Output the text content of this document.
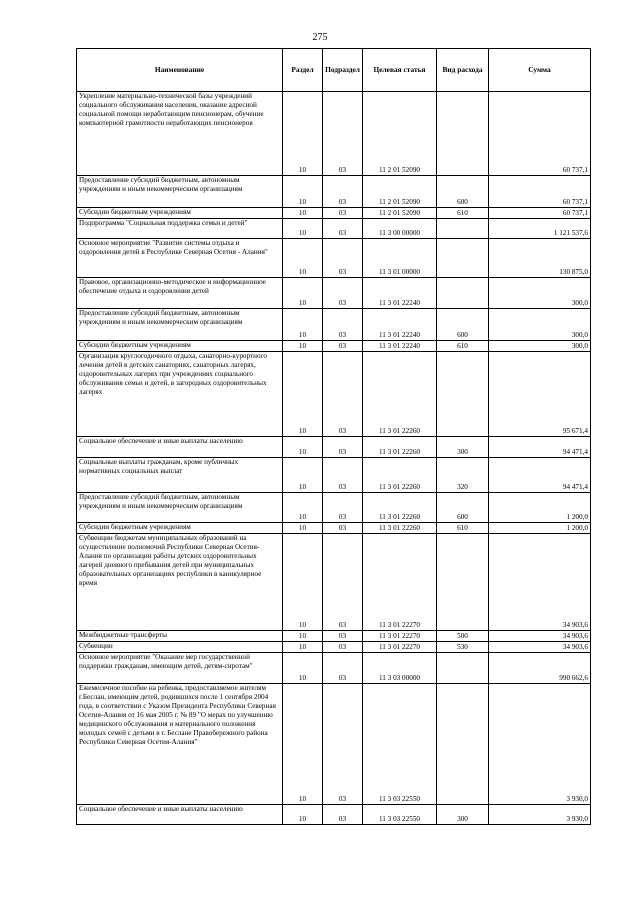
275
Наименование	Раздел	Подраздел	Целевая статья	Вид расхода	Сумма
Укрепление материально-технической базы учреждений социального обслуживания населения, оказание адресной социальной помощи неработающим пенсионерам, обучение компьютерной грамотности неработающих пенсионеров	10	03	11 2 01 52090		60 737,1
Предоставление субсидий бюджетным, автономным учреждениям и иным некоммерческим организациям	10	03	11 2 01 52090	600	60 737,1
Субсидии бюджетным учреждениям	10	03	11 2 01 52090	610	60 737,1
Подпрограмма "Социальная поддержка семьи и детей"	10	03	11 3 00 00000		1 121 537,6
Основное мероприятие "Развитие системы отдыха и оздоровления детей в Республике Северная Осетия - Алания"	10	03	11 3 01 00000		130 875,0
Правовое, организационно-методическое и информационное обеспечение отдыха и оздоровления детей	10	03	11 3 01 22240		300,0
Предоставление субсидий бюджетным, автономным учреждениям и иным некоммерческим организациям	10	03	11 3 01 22240	600	300,0
Субсидии бюджетным учреждениям	10	03	11 3 01 22240	610	300,0
Организация круглогодичного отдыха, санаторно-курортного лечения детей в детских санаториях, санаторных лагерях, оздоровительных лагерях при учреждениях социального обслуживания семьи и детей, в загородных оздоровительных лагерях	10	03	11 3 01 22260		95 671,4
Социальное обеспечение и иные выплаты населению	10	03	11 3 01 22260	300	94 471,4
Социальные выплаты гражданам, кроме публичных нормативных социальных выплат	10	03	11 3 01 22260	320	94 471,4
Предоставление субсидий бюджетным, автономным учреждениям и иным некоммерческим организациям	10	03	11 3 01 22260	600	1 200,0
Субсидии бюджетным учреждениям	10	03	11 3 01 22260	610	1 200,0
Субвенции бюджетам муниципальных образований на осуществление полномочий Республики Северная Осетия-Алания по организации работы детских оздоровительных лагерей дневного пребывания детей при муниципальных образовательных организациях республики в каникулярное время	10	03	11 3 01 22270		34 903,6
Межбюджетные трансферты	10	03	11 3 01 22270	500	34 903,6
Субвенции	10	03	11 3 01 22270	530	34 903,6
Основное мероприятие "Оказание мер государственной поддержки гражданам, имеющим детей, детям-сиротам"	10	03	11 3 03 00000		990 662,6
Ежемесячное пособие на ребенка, предоставляемое жителям г.Беслан, имеющим детей, родившихся после 1 сентября 2004 года, в соответствии с Указом Президента Республики Северная Осетия-Алания от 16 мая 2005 г. № 89 "О мерах по улучшению медицинского обслуживания и материального положения молодых семей с детьми в г. Беслане Правобережного района Республики Северная Осетия-Алания"	10	03	11 3 03 22550		3 930,0
Социальное обеспечение и иные выплаты населению	10	03	11 3 03 22550	300	3 930,0
